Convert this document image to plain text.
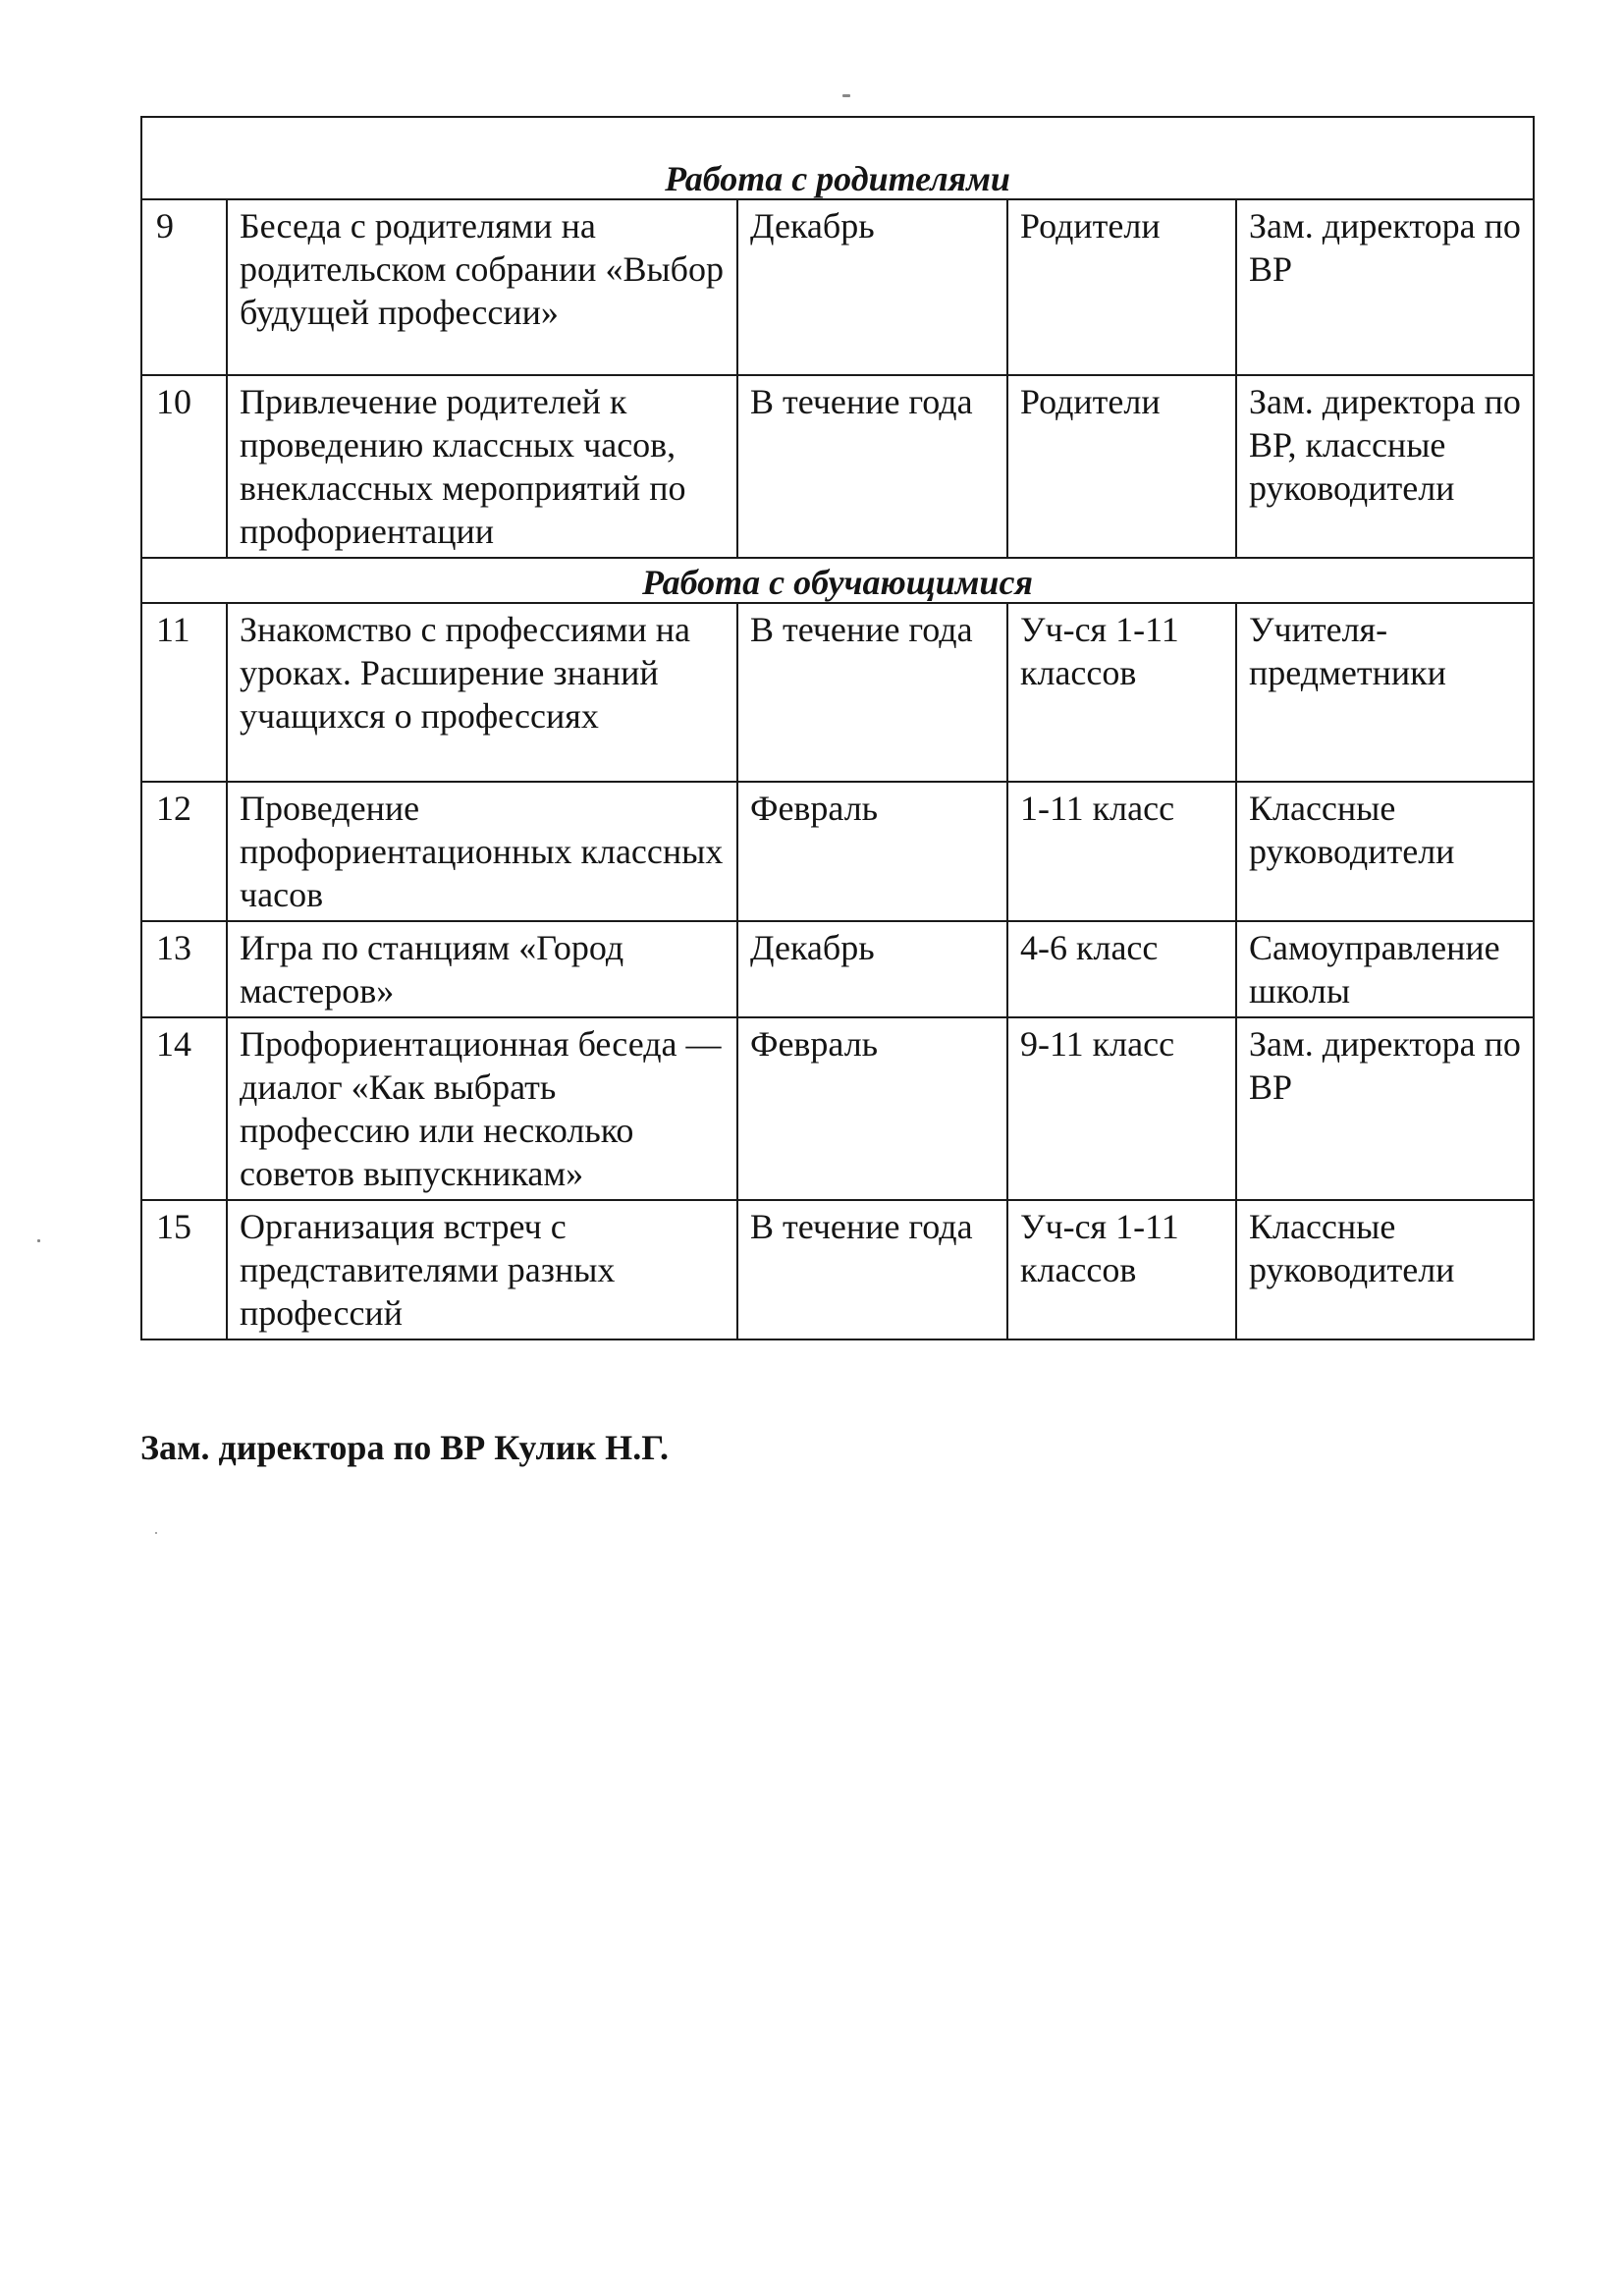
Работа с родителями				
9	Беседа с родителями на родительском собрании «Выбор будущей профессии»	Декабрь	Родители	Зам. директора по ВР
10	Привлечение родителей к проведению классных часов, внеклассных мероприятий по профориентации	В течение года	Родители	Зам. директора по ВР, классные руководители
Работа с обучающимися				
11	Знакомство с профессиями на уроках. Расширение знаний учащихся о профессиях	В течение года	Уч-ся 1-11 классов	Учителя-предметники
12	Проведение профориентационных классных часов	Февраль	1-11 класс	Классные руководители
13	Игра по станциям «Город мастеров»	Декабрь	4-6 класс	Самоуправление школы
14	Профориентационная беседа — диалог «Как выбрать профессию или несколько советов выпускникам»	Февраль	9-11 класс	Зам. директора по ВР
15	Организация встреч с представителями разных профессий	В течение года	Уч-ся 1-11 классов	Классные руководители
Зам. директора по ВР Кулик Н.Г.
